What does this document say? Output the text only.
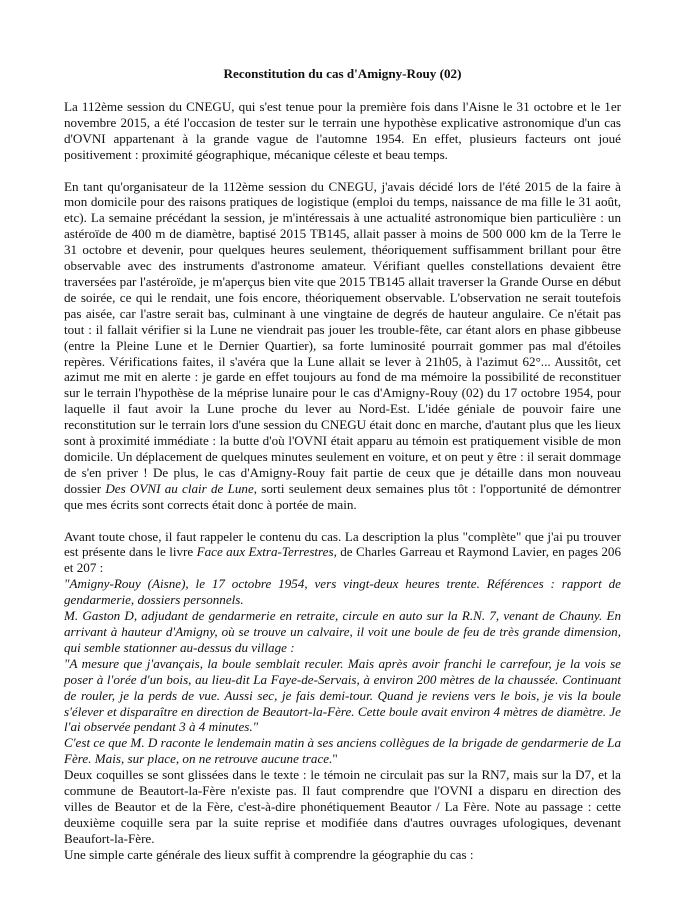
Reconstitution du cas d'Amigny-Rouy (02)

La 112ème session du CNEGU, qui s'est tenue pour la première fois dans l'Aisne le 31 octobre et le 1er novembre 2015, a été l'occasion de tester sur le terrain une hypothèse explicative astronomique d'un cas d'OVNI appartenant à la grande vague de l'automne 1954. En effet, plusieurs facteurs ont joué positivement : proximité géographique, mécanique céleste et beau temps.

En tant qu'organisateur de la 112ème session du CNEGU, j'avais décidé lors de l'été 2015 de la faire à mon domicile pour des raisons pratiques de logistique (emploi du temps, naissance de ma fille le 31 août, etc). La semaine précédant la session, je m'intéressais à une actualité astronomique bien particulière : un astéroïde de 400 m de diamètre, baptisé 2015 TB145, allait passer à moins de 500 000 km de la Terre le 31 octobre et devenir, pour quelques heures seulement, théoriquement suffisamment brillant pour être observable avec des instruments d'astronome amateur. Vérifiant quelles constellations devaient être traversées par l'astéroïde, je m'aperçus bien vite que 2015 TB145 allait traverser la Grande Ourse en début de soirée, ce qui le rendait, une fois encore, théoriquement observable. L'observation ne serait toutefois pas aisée, car l'astre serait bas, culminant à une vingtaine de degrés de hauteur angulaire. Ce n'était pas tout : il fallait vérifier si la Lune ne viendrait pas jouer les trouble-fête, car étant alors en phase gibbeuse (entre la Pleine Lune et le Dernier Quartier), sa forte luminosité pourrait gommer pas mal d'étoiles repères. Vérifications faites, il s'avéra que la Lune allait se lever à 21h05, à l'azimut 62°... Aussitôt, cet azimut me mit en alerte : je garde en effet toujours au fond de ma mémoire la possibilité de reconstituer sur le terrain l'hypothèse de la méprise lunaire pour le cas d'Amigny-Rouy (02) du 17 octobre 1954, pour laquelle il faut avoir la Lune proche du lever au Nord-Est. L'idée géniale de pouvoir faire une reconstitution sur le terrain lors d'une session du CNEGU était donc en marche, d'autant plus que les lieux sont à proximité immédiate : la butte d'où l'OVNI était apparu au témoin est pratiquement visible de mon domicile. Un déplacement de quelques minutes seulement en voiture, et on peut y être : il serait dommage de s'en priver ! De plus, le cas d'Amigny-Rouy fait partie de ceux que je détaille dans mon nouveau dossier Des OVNI au clair de Lune, sorti seulement deux semaines plus tôt : l'opportunité de démontrer que mes écrits sont corrects était donc à portée de main.

Avant toute chose, il faut rappeler le contenu du cas. La description la plus "complète" que j'ai pu trouver est présente dans le livre Face aux Extra-Terrestres, de Charles Garreau et Raymond Lavier, en pages 206 et 207 :

"Amigny-Rouy (Aisne), le 17 octobre 1954, vers vingt-deux heures trente. Références : rapport de gendarmerie, dossiers personnels.

M. Gaston D, adjudant de gendarmerie en retraite, circule en auto sur la R.N. 7, venant de Chauny. En arrivant à hauteur d'Amigny, où se trouve un calvaire, il voit une boule de feu de très grande dimension, qui semble stationner au-dessus du village :

"A mesure que j'avançais, la boule semblait reculer. Mais après avoir franchi le carrefour, je la vois se poser à l'orée d'un bois, au lieu-dit La Faye-de-Servais, à environ 200 mètres de la chaussée. Continuant de rouler, je la perds de vue. Aussi sec, je fais demi-tour. Quand je reviens vers le bois, je vis la boule s'élever et disparaître en direction de Beautort-la-Fère. Cette boule avait environ 4 mètres de diamètre. Je l'ai observée pendant 3 à 4 minutes."

C'est ce que M. D raconte le lendemain matin à ses anciens collègues de la brigade de gendarmerie de La Fère. Mais, sur place, on ne retrouve aucune trace."

Deux coquilles se sont glissées dans le texte : le témoin ne circulait pas sur la RN7, mais sur la D7, et la commune de Beautort-la-Fère n'existe pas. Il faut comprendre que l'OVNI a disparu en direction des villes de Beautor et de la Fère, c'est-à-dire phonétiquement Beautor / La Fère. Note au passage : cette deuxième coquille sera par la suite reprise et modifiée dans d'autres ouvrages ufologiques, devenant Beaufort-la-Fère.

Une simple carte générale des lieux suffit à comprendre la géographie du cas :
